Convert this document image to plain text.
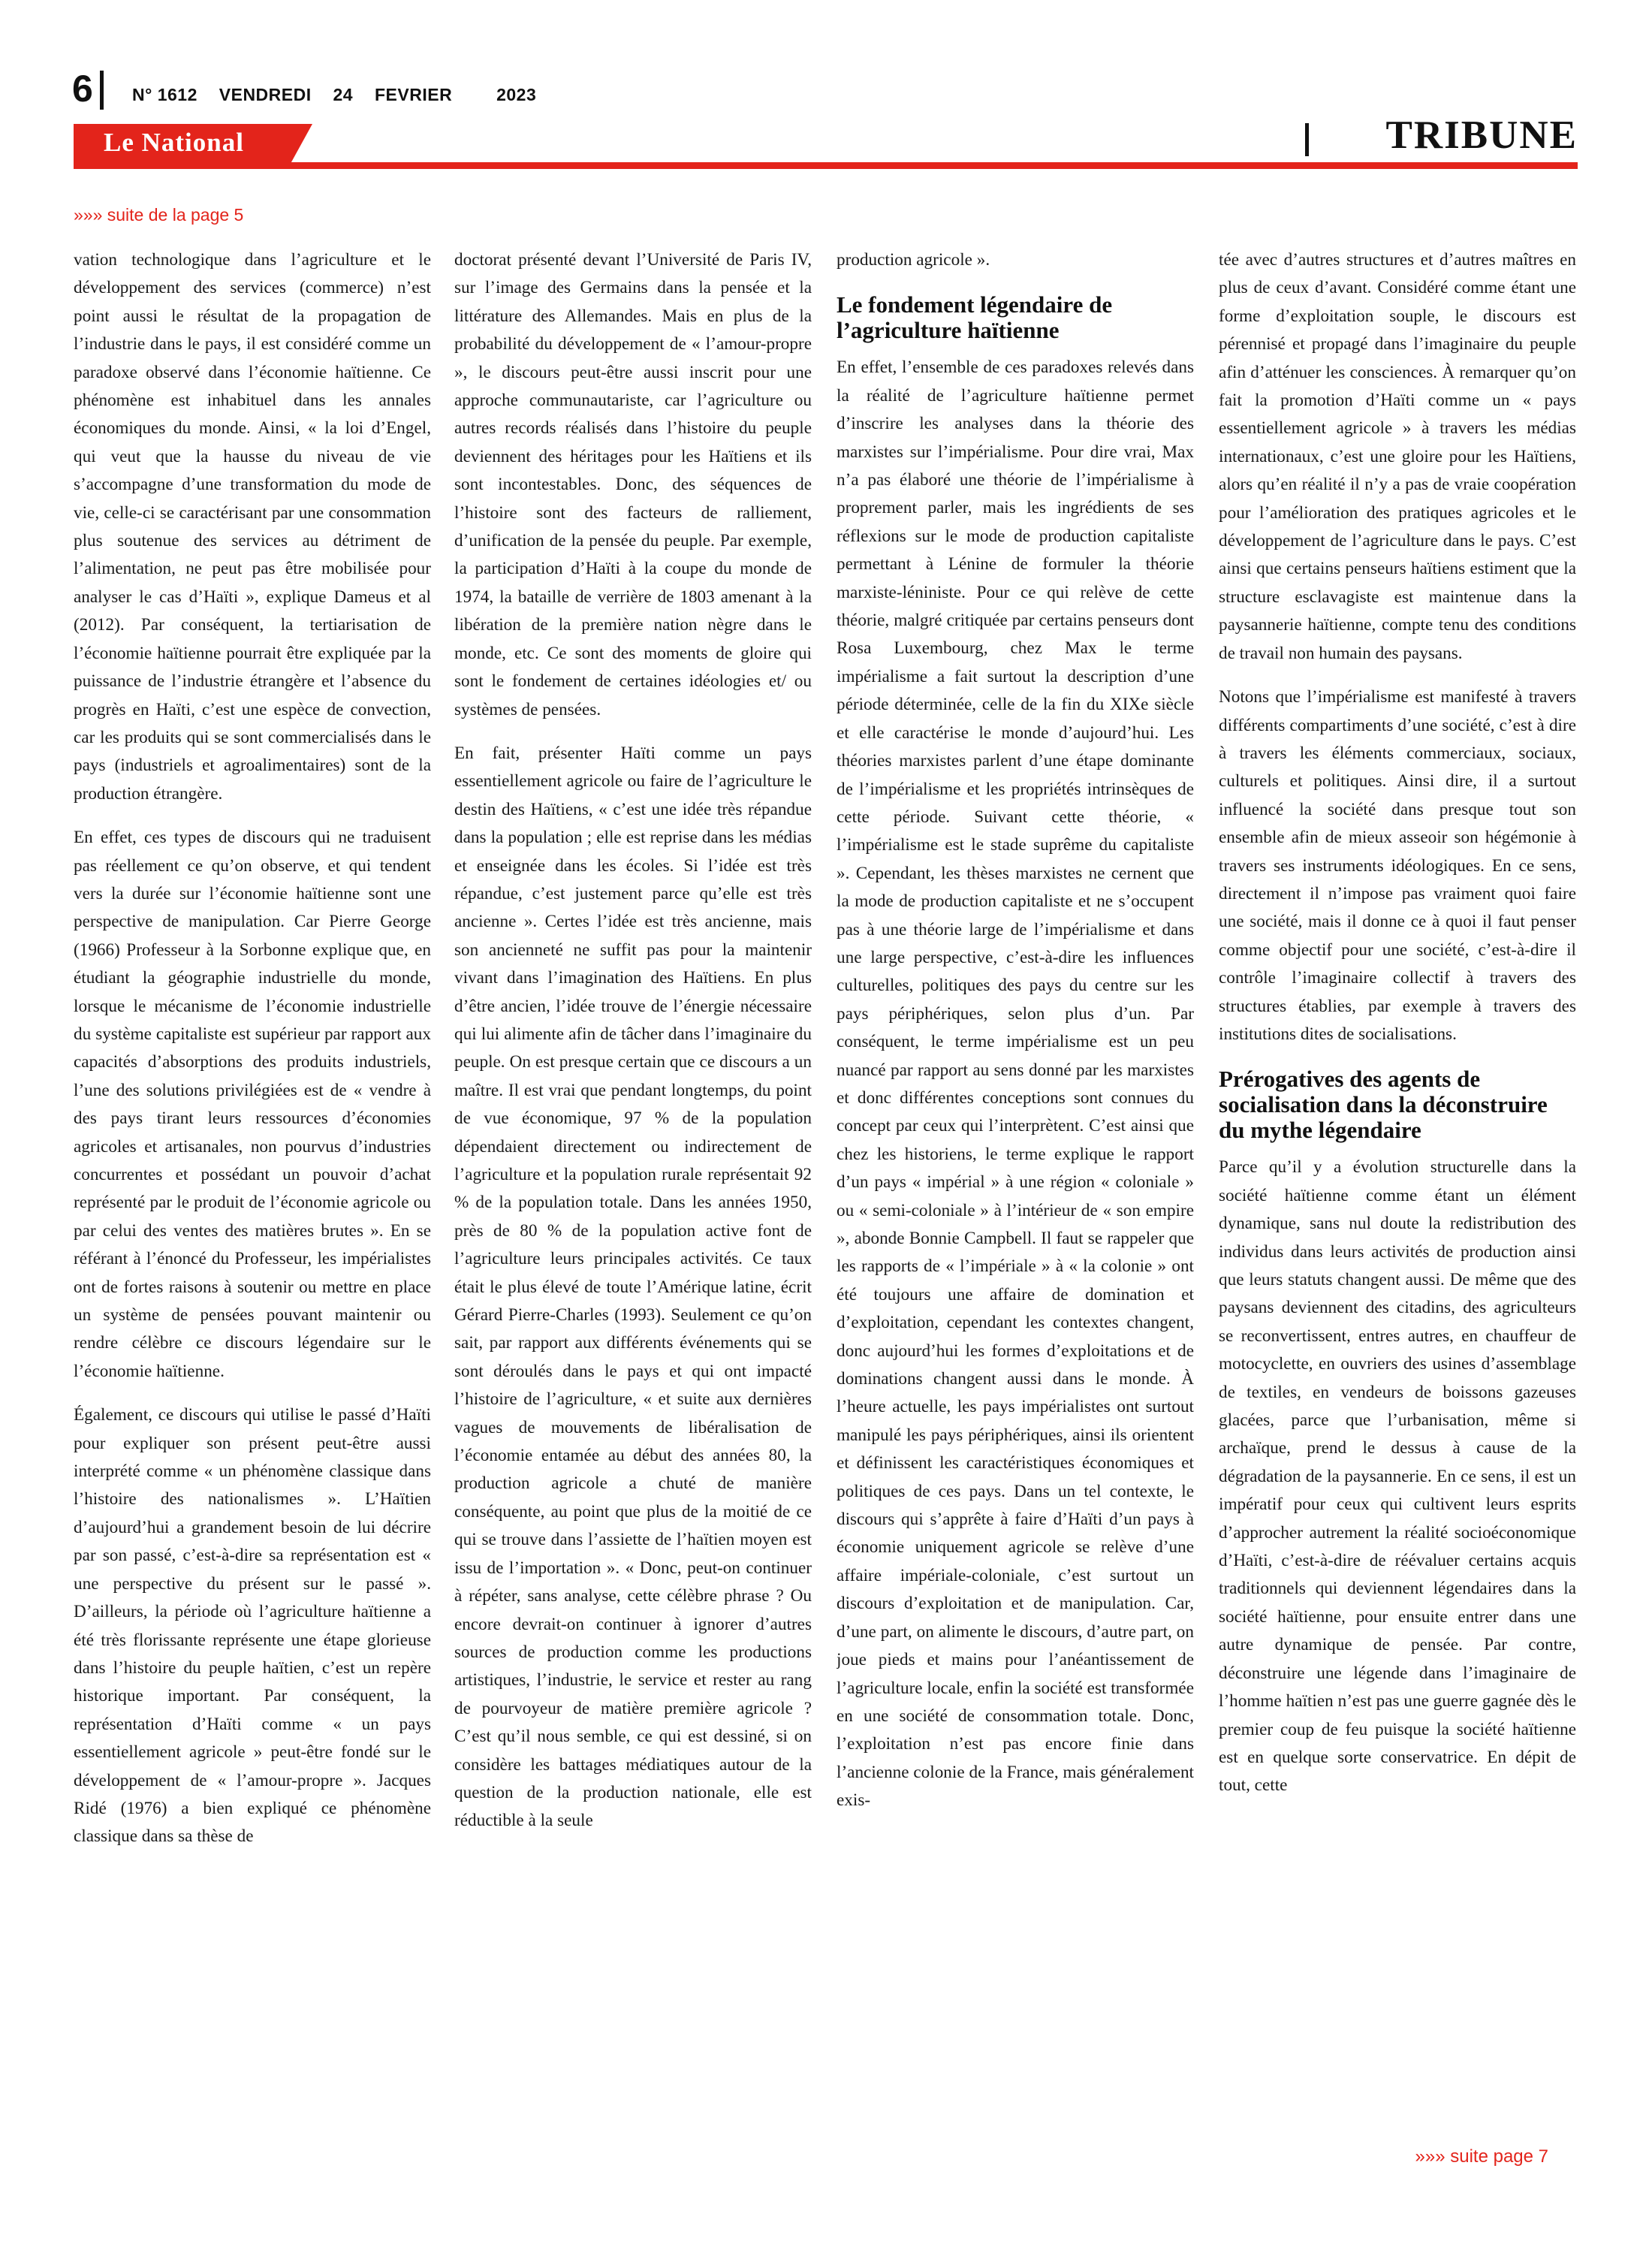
6 N° 1612 VENDREDI 24 FEVRIER	2023
Le National	TRIBUNE
»»» suite de la page 5

vation technologique dans l’agriculture et le développement des services (commerce) n’est point aussi le résultat de la propagation de l’industrie dans le pays, il est considéré comme un paradoxe observé dans l’économie haïtienne. Ce phénomène est inhabituel dans les annales économiques du monde. Ainsi, « la loi d’Engel, qui veut que la hausse du niveau de vie s’accompagne d’une transformation du mode de vie, celle-ci se caractérisant par une consommation plus soutenue des services au détriment de l’alimentation, ne peut pas être mobilisée pour analyser le cas d’Haïti », explique Dameus et al (2012). Par conséquent, la tertiarisation de l’économie haïtienne pourrait être expliquée par la puissance de l’industrie étrangère et l’absence du progrès en Haïti, c’est une espèce de convection, car les produits qui se sont commercialisés dans le pays (industriels et agroalimentaires) sont de la production étrangère.

En effet, ces types de discours qui ne traduisent pas réellement ce qu’on observe, et qui tendent vers la durée sur l’économie haïtienne sont une perspective de manipulation. Car Pierre George (1966) Professeur à la Sorbonne explique que, en étudiant la géographie industrielle du monde, lorsque le mécanisme de l’économie industrielle du système capitaliste est supérieur par rapport aux capacités d’absorptions des produits industriels, l’une des solutions privilégiées est de « vendre à des pays tirant leurs ressources d’économies agricoles et artisanales, non pourvus d’industries concurrentes et possédant un pouvoir d’achat représenté par le produit de l’économie agricole ou par celui des ventes des matières brutes ». En se référant à l’énoncé du Professeur, les impérialistes ont de fortes raisons à soutenir ou mettre en place un système de pensées pouvant maintenir ou rendre célèbre ce discours légendaire sur le l’économie haïtienne.

Également, ce discours qui utilise le passé d’Haïti pour expliquer son présent peut-être aussi interprété comme « un phénomène classique dans l’histoire des nationalismes ». L’Haïtien d’aujourd’hui a grandement besoin de lui décrire par son passé, c’est-à-dire sa représentation est « une perspective du présent sur le passé ». D’ailleurs, la période où l’agriculture haïtienne a été très florissante représente une étape glorieuse dans l’histoire du peuple haïtien, c’est un repère historique important. Par conséquent, la représentation d’Haïti comme « un pays essentiellement agricole » peut-être fondé sur le développement de « l’amour-propre ». Jacques Ridé (1976) a bien expliqué ce phénomène classique dans sa thèse de

doctorat présenté devant l’Université de Paris IV, sur l’image des Germains dans la pensée et la littérature des Allemandes. Mais en plus de la probabilité du développement de « l’amour-propre », le discours peut-être aussi inscrit pour une approche communautariste, car l’agriculture ou autres records réalisés dans l’histoire du peuple deviennent des héritages pour les Haïtiens et ils sont incontestables. Donc, des séquences de l’histoire sont des facteurs de ralliement, d’unification de la pensée du peuple. Par exemple, la participation d’Haïti à la coupe du monde de 1974, la bataille de verrière de 1803 amenant à la libération de la première nation nègre dans le monde, etc. Ce sont des moments de gloire qui sont le fondement de certaines idéologies et/ ou systèmes de pensées.

En fait, présenter Haïti comme un pays essentiellement agricole ou faire de l’agriculture le destin des Haïtiens, « c’est une idée très répandue dans la population ; elle est reprise dans les médias et enseignée dans les écoles. Si l’idée est très répandue, c’est justement parce qu’elle est très ancienne ». Certes l’idée est très ancienne, mais son ancienneté ne suffit pas pour la maintenir vivant dans l’imagination des Haïtiens. En plus d’être ancien, l’idée trouve de l’énergie nécessaire qui lui alimente afin de tâcher dans l’imaginaire du peuple. On est presque certain que ce discours a un maître. Il est vrai que pendant longtemps, du point de vue économique, 97 % de la population dépendaient directement ou indirectement de l’agriculture et la population rurale représentait 92 % de la population totale. Dans les années 1950, près de 80 % de la population active font de l’agriculture leurs principales activités. Ce taux était le plus élevé de toute l’Amérique latine, écrit Gérard Pierre-Charles (1993). Seulement ce qu’on sait, par rapport aux différents événements qui se sont déroulés dans le pays et qui ont impacté l’histoire de l’agriculture, « et suite aux dernières vagues de mouvements de libéralisation de l’économie entamée au début des années 80, la production agricole a chuté de manière conséquente, au point que plus de la moitié de ce qui se trouve dans l’assiette de l’haïtien moyen est issu de l’importation ». « Donc, peut-on continuer à répéter, sans analyse, cette célèbre phrase ? Ou encore devrait-on continuer à ignorer d’autres sources de production comme les productions artistiques, l’industrie, le service et rester au rang de pourvoyeur de matière première agricole ? C’est qu’il nous semble, ce qui est dessiné, si on considère les battages médiatiques autour de la question de la production nationale, elle est réductible à la seule

production agricole ».

Le fondement légendaire de l’agriculture haïtienne

En effet, l’ensemble de ces paradoxes relevés dans la réalité de l’agriculture haïtienne permet d’inscrire les analyses dans la théorie des marxistes sur l’impérialisme. Pour dire vrai, Max n’a pas élaboré une théorie de l’impérialisme à proprement parler, mais les ingrédients de ses réflexions sur le mode de production capitaliste permettant à Lénine de formuler la théorie marxiste-léniniste. Pour ce qui relève de cette théorie, malgré critiquée par certains penseurs dont Rosa Luxembourg, chez Max le terme impérialisme a fait surtout la description d’une période déterminée, celle de la fin du XIXe siècle et elle caractérise le monde d’aujourd’hui. Les théories marxistes parlent d’une étape dominante de l’impérialisme et les propriétés intrinsèques de cette période. Suivant cette théorie, « l’impérialisme est le stade suprême du capitaliste ». Cependant, les thèses marxistes ne cernent que la mode de production capitaliste et ne s’occupent pas à une théorie large de l’impérialisme et dans une large perspective, c’est-à-dire les influences culturelles, politiques des pays du centre sur les pays périphériques, selon plus d’un. Par conséquent, le terme impérialisme est un peu nuancé par rapport au sens donné par les marxistes et donc différentes conceptions sont connues du concept par ceux qui l’interprètent. C’est ainsi que chez les historiens, le terme explique le rapport d’un pays « impérial » à une région « coloniale » ou « semi-coloniale » à l’intérieur de « son empire », abonde Bonnie Campbell. Il faut se rappeler que les rapports de « l’impériale » à « la colonie » ont été toujours une affaire de domination et d’exploitation, cependant les contextes changent, donc aujourd’hui les formes d’exploitations et de dominations changent aussi dans le monde. À l’heure actuelle, les pays impérialistes ont surtout manipulé les pays périphériques, ainsi ils orientent et définissent les caractéristiques économiques et politiques de ces pays. Dans un tel contexte, le discours qui s’apprête à faire d’Haïti d’un pays à économie uniquement agricole se relève d’une affaire impériale-coloniale, c’est surtout un discours d’exploitation et de manipulation. Car, d’une part, on alimente le discours, d’autre part, on joue pieds et mains pour l’anéantissement de l’agriculture locale, enfin la société est transformée en une société de consommation totale. Donc, l’exploitation n’est pas encore finie dans l’ancienne colonie de la France, mais généralement exis-

tée avec d’autres structures et d’autres maîtres en plus de ceux d’avant. Considéré comme étant une forme d’exploitation souple, le discours est pérennisé et propagé dans l’imaginaire du peuple afin d’atténuer les consciences. À remarquer qu’on fait la promotion d’Haïti comme un « pays essentiellement agricole » à travers les médias internationaux, c’est une gloire pour les Haïtiens, alors qu’en réalité il n’y a pas de vraie coopération pour l’amélioration des pratiques agricoles et le développement de l’agriculture dans le pays. C’est ainsi que certains penseurs haïtiens estiment que la structure esclavagiste est maintenue dans la paysannerie haïtienne, compte tenu des conditions de travail non humain des paysans.

Notons que l’impérialisme est manifesté à travers différents compartiments d’une société, c’est à dire à travers les éléments commerciaux, sociaux, culturels et politiques. Ainsi dire, il a surtout influencé la société dans presque tout son ensemble afin de mieux asseoir son hégémonie à travers ses instruments idéologiques. En ce sens, directement il n’impose pas vraiment quoi faire une société, mais il donne ce à quoi il faut penser comme objectif pour une société, c’est-à-dire il contrôle l’imaginaire collectif à travers des structures établies, par exemple à travers des institutions dites de socialisations.

Prérogatives des agents de socialisation dans la déconstruire du mythe légendaire

Parce qu’il y a évolution structurelle dans la société haïtienne comme étant un élément dynamique, sans nul doute la redistribution des individus dans leurs activités de production ainsi que leurs statuts changent aussi. De même que des paysans deviennent des citadins, des agriculteurs se reconvertissent, entres autres, en chauffeur de motocyclette, en ouvriers des usines d’assemblage de textiles, en vendeurs de boissons gazeuses glacées, parce que l’urbanisation, même si archaïque, prend le dessus à cause de la dégradation de la paysannerie. En ce sens, il est un impératif pour ceux qui cultivent leurs esprits d’approcher autrement la réalité socioéconomique d’Haïti, c’est-à-dire de réévaluer certains acquis traditionnels qui deviennent légendaires dans la société haïtienne, pour ensuite entrer dans une autre dynamique de pensée. Par contre, déconstruire une légende dans l’imaginaire de l’homme haïtien n’est pas une guerre gagnée dès le premier coup de feu puisque la société haïtienne est en quelque sorte conservatrice. En dépit de tout, cette

»»» suite page 7
